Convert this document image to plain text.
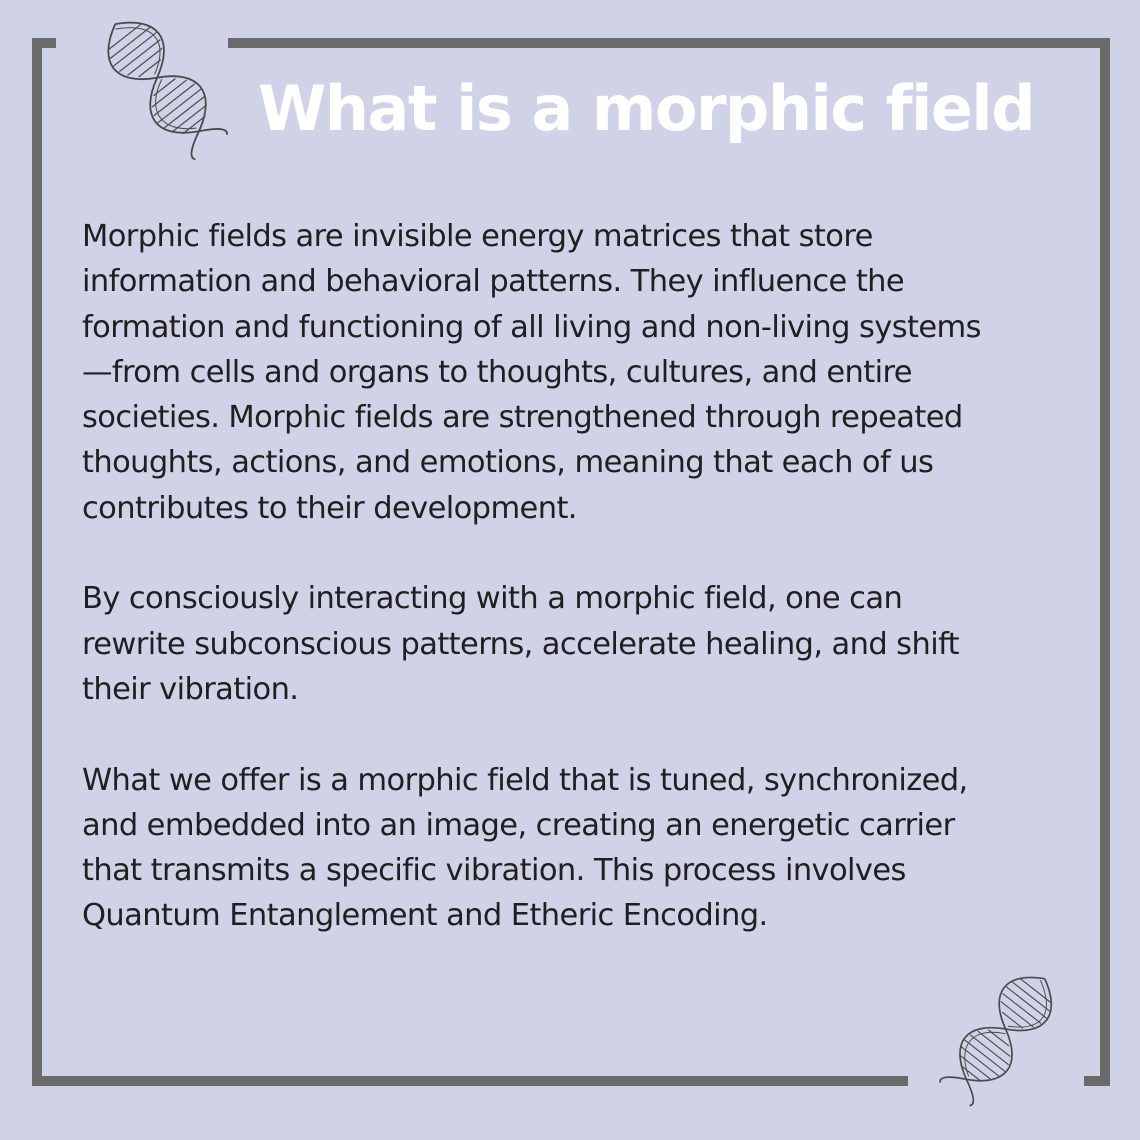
What is a morphic field

Morphic fields are invisible energy matrices that store
information and behavioral patterns. They influence the
formation and functioning of all living and non-living systems
—from cells and organs to thoughts, cultures, and entire
societies. Morphic fields are strengthened through repeated
thoughts, actions, and emotions, meaning that each of us
contributes to their development.

By consciously interacting with a morphic field, one can
rewrite subconscious patterns, accelerate healing, and shift
their vibration.

What we offer is a morphic field that is tuned, synchronized,
and embedded into an image, creating an energetic carrier
that transmits a specific vibration. This process involves
Quantum Entanglement and Etheric Encoding.
